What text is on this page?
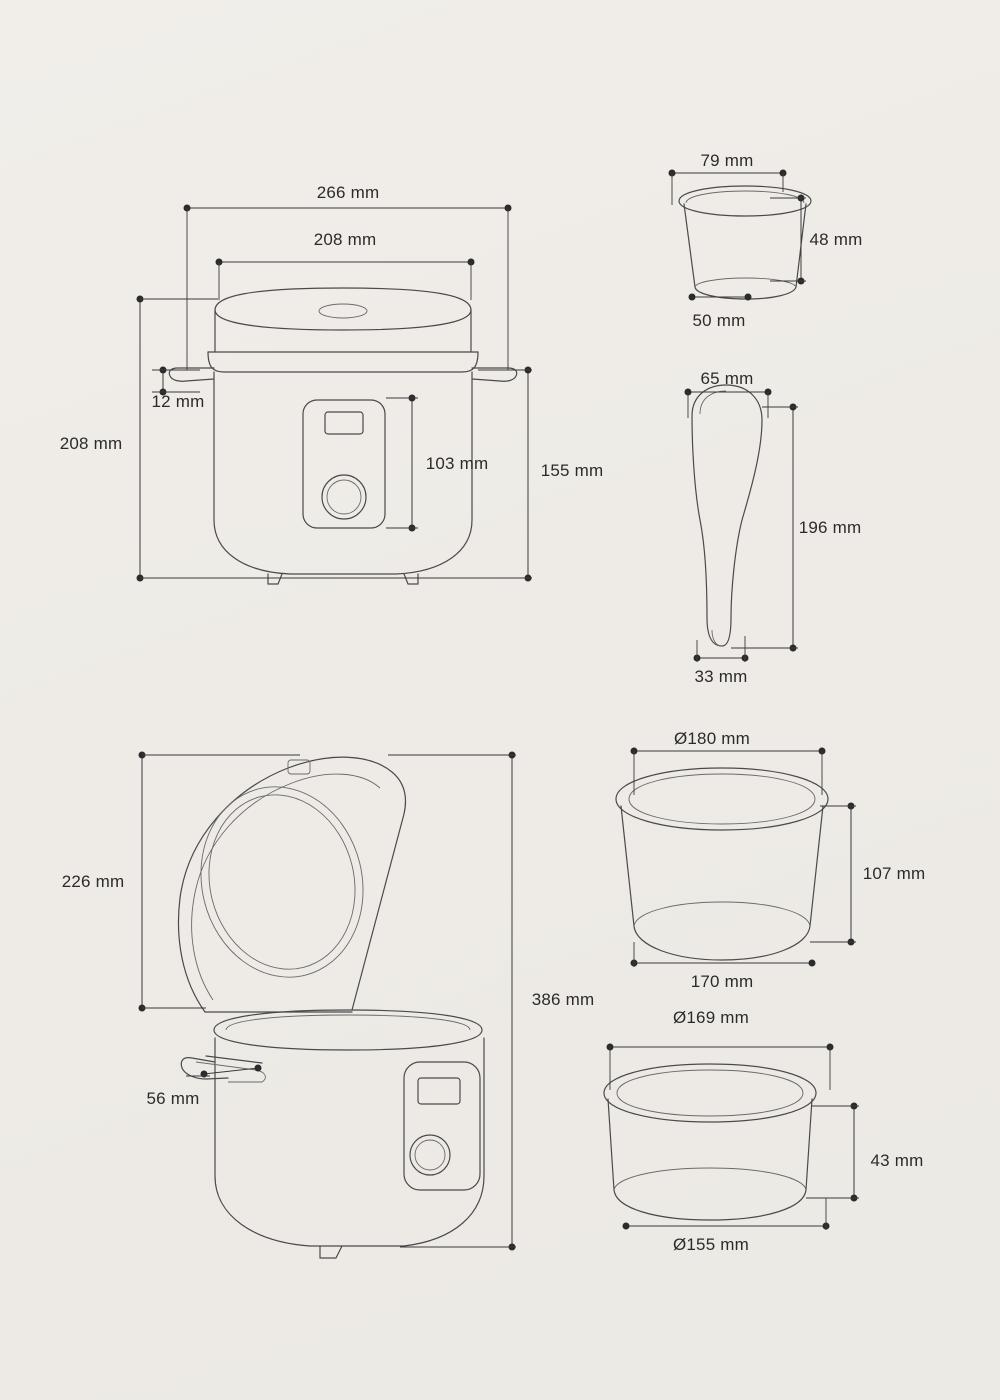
266 mm
208 mm
208 mm
12 mm
103 mm	155 mm
79 mm
48 mm
50 mm
65 mm
196 mm
33 mm
226 mm
386 mm
56 mm
Ø180 mm
107 mm
170 mm
Ø169 mm
43 mm
Ø155 mm
